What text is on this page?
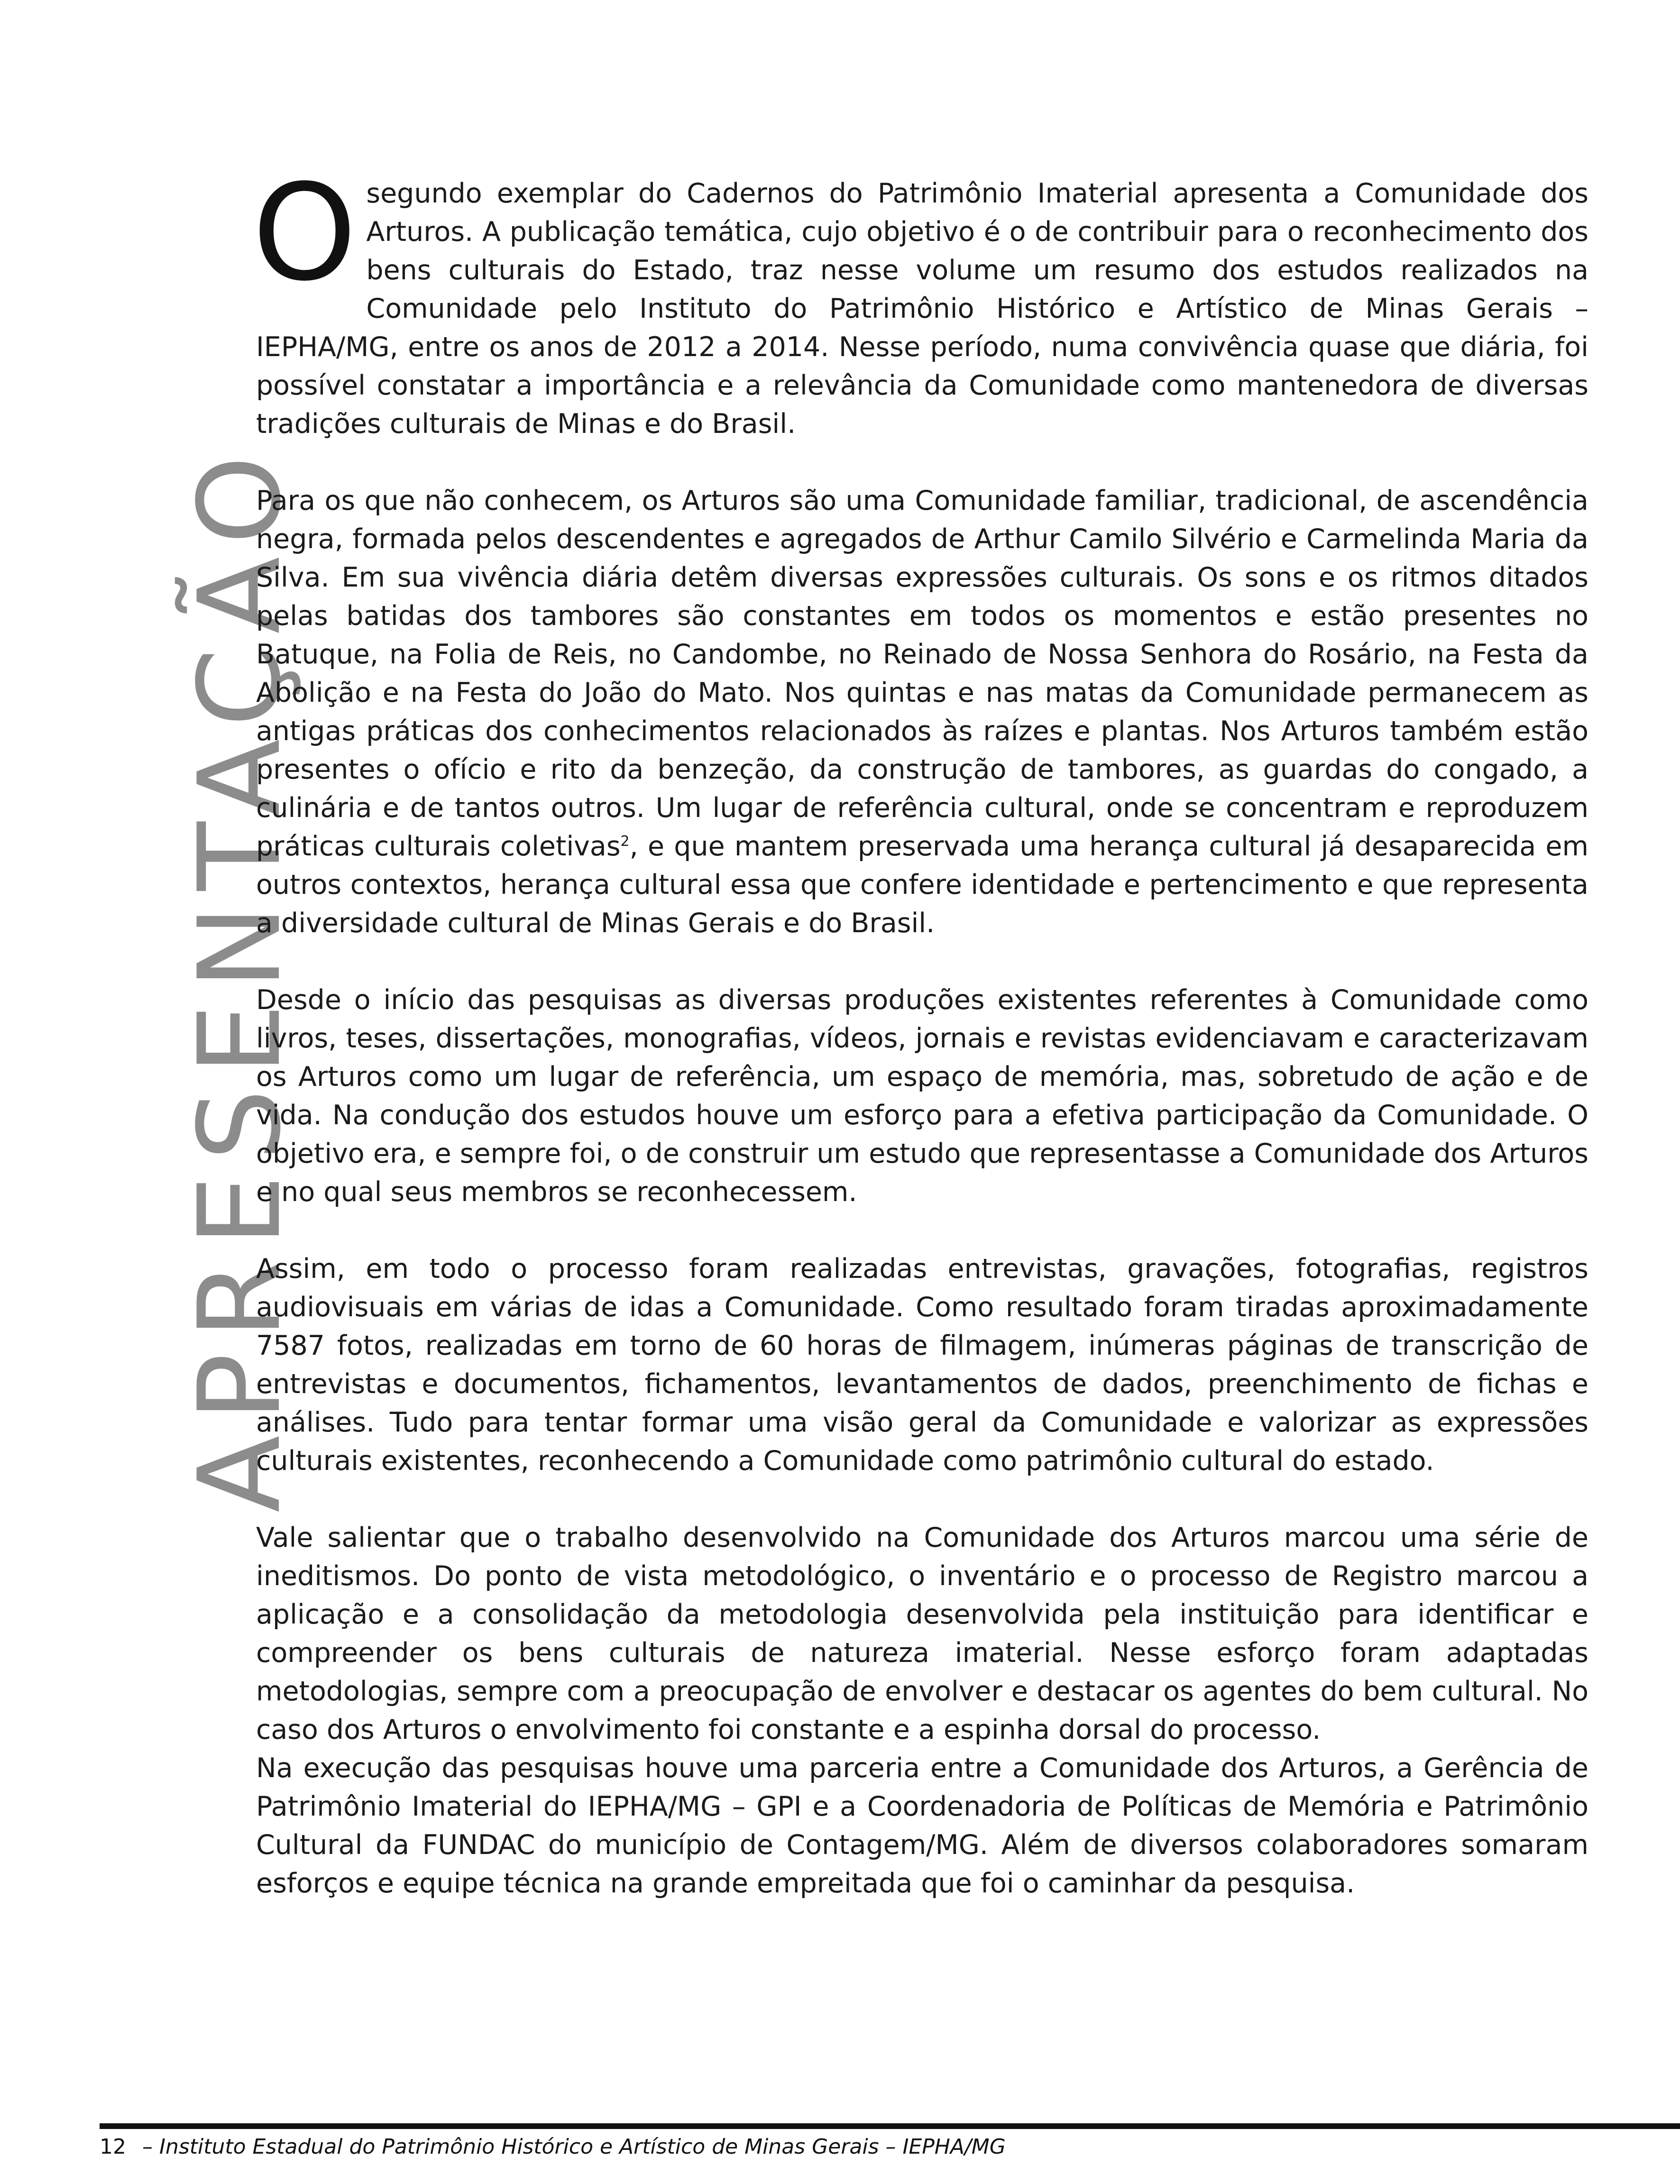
APRESENTAÇÃO

Osegundo exemplar do Cadernos do Patrimônio Imaterial apresenta a Comunidade dos Arturos. A publicação temática, cujo objetivo é o de contribuir para o reconhecimento dos bens culturais do Estado, traz nesse volume um resumo dos estudos realizados na Comunidade pelo Instituto do Patrimônio Histórico e Artístico de Minas Gerais – IEPHA/MG, entre os anos de 2012 a 2014. Nesse período, numa convivência quase que diária, foi possível constatar a importância e a relevância da Comunidade como mantenedora de diversas tradições culturais de Minas e do Brasil.

Para os que não conhecem, os Arturos são uma Comunidade familiar, tradicional, de ascendência negra, formada pelos descendentes e agregados de Arthur Camilo Silvério e Carmelinda Maria da Silva. Em sua vivência diária detêm diversas expressões culturais. Os sons e os ritmos ditados pelas batidas dos tambores são constantes em todos os momentos e estão presentes no Batuque, na Folia de Reis, no Candombe, no Reinado de Nossa Senhora do Rosário, na Festa da Abolição e na Festa do João do Mato. Nos quintas e nas matas da Comunidade permanecem as antigas práticas dos conhecimentos relacionados às raízes e plantas. Nos Arturos também estão presentes o ofício e rito da benzeção, da construção de tambores, as guardas do congado, a culinária e de tantos outros. Um lugar de referência cultural, onde se concentram e reproduzem práticas culturais coletivas$^2$, e que mantem preservada uma herança cultural já desaparecida em outros contextos, herança cultural essa que confere identidade e pertencimento e que representa a diversidade cultural de Minas Gerais e do Brasil.

Desde o início das pesquisas as diversas produções existentes referentes à Comunidade como livros, teses, dissertações, monografias, vídeos, jornais e revistas evidenciavam e caracterizavam os Arturos como um lugar de referência, um espaço de memória, mas, sobretudo de ação e de vida. Na condução dos estudos houve um esforço para a efetiva participação da Comunidade. O objetivo era, e sempre foi, o de construir um estudo que representasse a Comunidade dos Arturos e no qual seus membros se reconhecessem.

Assim, em todo o processo foram realizadas entrevistas, gravações, fotografias, registros audiovisuais em várias de idas a Comunidade. Como resultado foram tiradas aproximadamente 7587 fotos, realizadas em torno de 60 horas de filmagem, inúmeras páginas de transcrição de entrevistas e documentos, fichamentos, levantamentos de dados, preenchimento de fichas e análises. Tudo para tentar formar uma visão geral da Comunidade e valorizar as expressões culturais existentes, reconhecendo a Comunidade como patrimônio cultural do estado.

Vale salientar que o trabalho desenvolvido na Comunidade dos Arturos marcou uma série de ineditismos. Do ponto de vista metodológico, o inventário e o processo de Registro marcou a aplicação e a consolidação da metodologia desenvolvida pela instituição para identificar e compreender os bens culturais de natureza imaterial. Nesse esforço foram adaptadas metodologias, sempre com a preocupação de envolver e destacar os agentes do bem cultural. No caso dos Arturos o envolvimento foi constante e a espinha dorsal do processo.

Na execução das pesquisas houve uma parceria entre a Comunidade dos Arturos, a Gerência de Patrimônio Imaterial do IEPHA/MG – GPI e a Coordenadoria de Políticas de Memória e Patrimônio Cultural da FUNDAC do município de Contagem/MG. Além de diversos colaboradores somaram esforços e equipe técnica na grande empreitada que foi o caminhar da pesquisa.

12 – Instituto Estadual do Patrimônio Histórico e Artístico de Minas Gerais – IEPHA/MG
